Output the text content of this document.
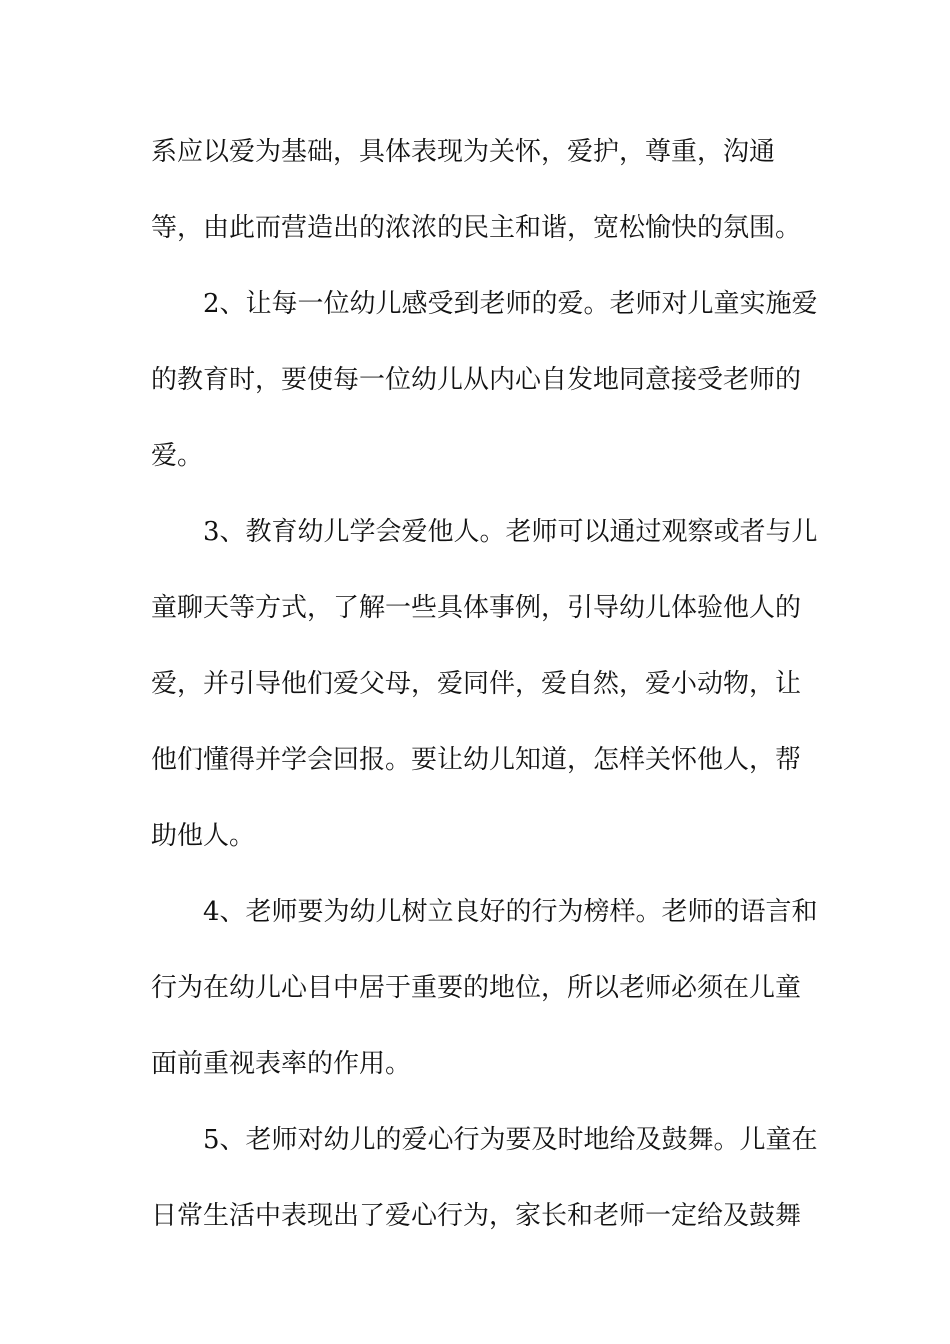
系应以爱为基础，具体表现为关怀，爱护，尊重，沟通
等，由此而营造出的浓浓的民主和谐，宽松愉快的氛围。
2、让每一位幼儿感受到老师的爱。老师对儿童实施爱
的教育时，要使每一位幼儿从内心自发地同意接受老师的
爱。
3、教育幼儿学会爱他人。老师可以通过观察或者与儿
童聊天等方式，了解一些具体事例，引导幼儿体验他人的
爱，并引导他们爱父母，爱同伴，爱自然，爱小动物，让
他们懂得并学会回报。要让幼儿知道，怎样关怀他人，帮
助他人。
4、老师要为幼儿树立良好的行为榜样。老师的语言和
行为在幼儿心目中居于重要的地位，所以老师必须在儿童
面前重视表率的作用。
5、老师对幼儿的爱心行为要及时地给及鼓舞。儿童在
日常生活中表现出了爱心行为，家长和老师一定给及鼓舞
